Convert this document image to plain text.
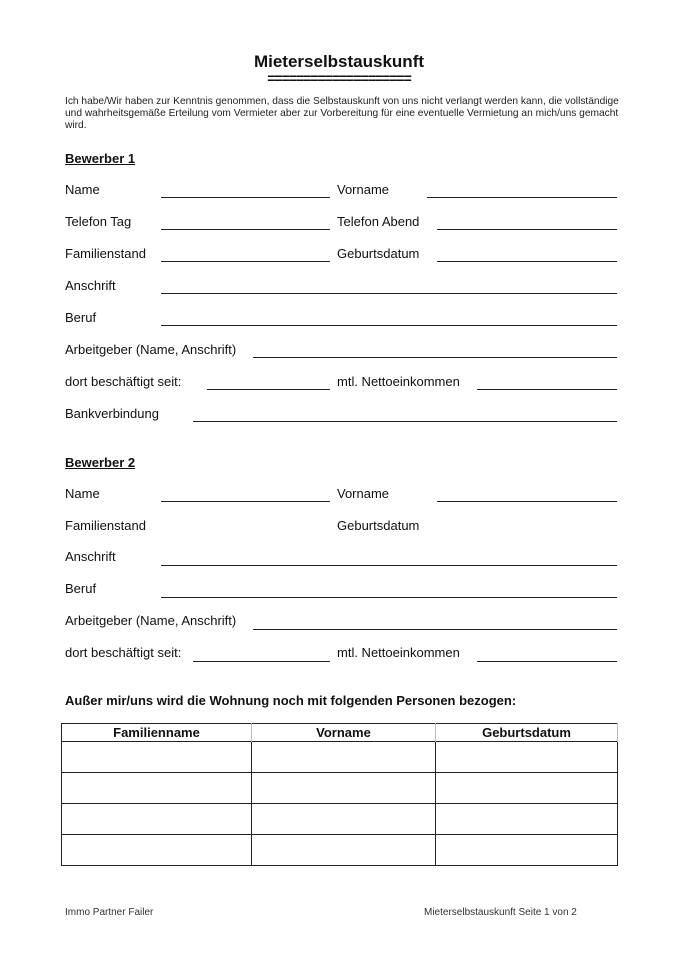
Mieterselbstauskunft
====================
Ich habe/Wir haben zur Kenntnis genommen, dass die Selbstauskunft von uns nicht verlangt werden kann, die vollständige und wahrheitsgemäße Erteilung vom Vermieter aber zur Vorbereitung für eine eventuelle Vermietung an mich/uns gemacht wird.
Bewerber 1
Name	Vorname
Telefon Tag	Telefon Abend
Familienstand	Geburtsdatum
Anschrift
Beruf
Arbeitgeber (Name, Anschrift)
dort beschäftigt seit:	mtl. Nettoeinkommen
Bankverbindung
Bewerber 2
Name	Vorname
Familienstand	Geburtsdatum
Anschrift
Beruf
Arbeitgeber (Name, Anschrift)
dort beschäftigt seit:	mtl. Nettoeinkommen
Außer mir/uns wird die Wohnung noch mit folgenden Personen bezogen:
Familienname	Vorname	Geburtsdatum

Immo Partner Failer	Mieterselbstauskunft Seite 1 von 2
